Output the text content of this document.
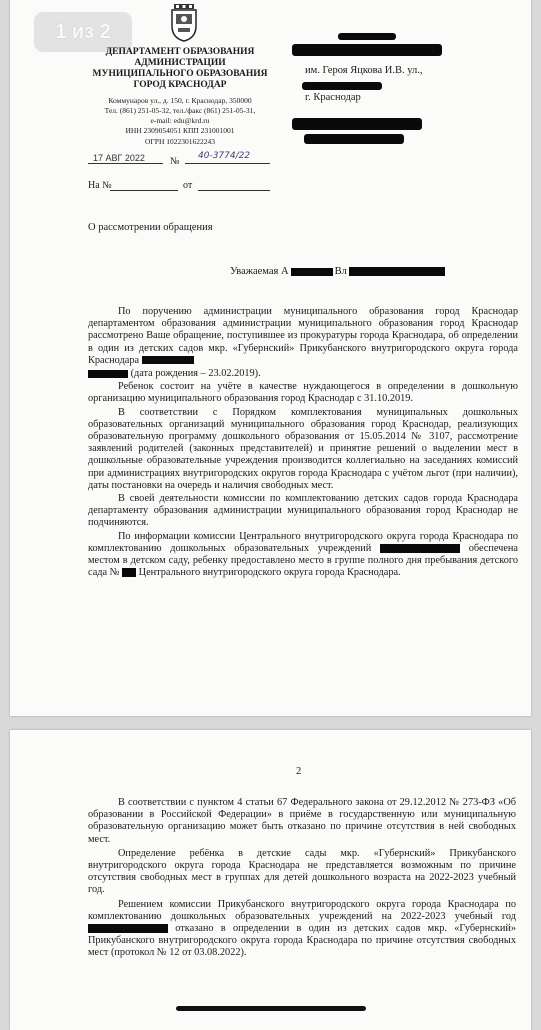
1 из 2
ДЕПАРТАМЕНТ ОБРАЗОВАНИЯ
АДМИНИСТРАЦИИ
МУНИЦИПАЛЬНОГО ОБРАЗОВАНИЯ
ГОРОД КРАСНОДАР
Коммунаров ул., д. 150, г. Краснодар, 350000
Тел. (861) 251-05-32, тел./факс (861) 251-05-31,
e-mail: edu@krd.ru
ИНН 2309054051 КПП 231001001
ОГРН 1022301622243
им. Героя Яцкова И.В. ул.,
г. Краснодар
17 АВГ 2022	№ 40-3774/22
На №	от
О рассмотрении обращения
Уважаемая А	Вл

По поручению администрации муниципального образования город Краснодар департаментом образования администрации муниципального образования город Краснодар рассмотрено Ваше обращение, поступившее из прокуратуры города Краснодара, об определении в один из детских садов мкр. «Губернский» Прикубанского внутригородского округа города Краснодара

(дата рождения – 23.02.2019).

Ребенок состоит на учёте в качестве нуждающегося в определении в дошкольную организацию муниципального образования город Краснодар с 31.10.2019.

В соответствии с Порядком комплектования муниципальных дошкольных образовательных организаций муниципального образования город Краснодар, реализующих образовательную программу дошкольного образования от 15.05.2014 № 3107, рассмотрение заявлений родителей (законных представителей) и принятие решений о выделении мест в дошкольные образовательные учреждения производится коллегиально на заседаниях комиссий при администрациях внутригородских округов города Краснодара с учётом льгот (при наличии), даты постановки на очередь и наличия свободных мест.

В своей деятельности комиссии по комплектованию детских садов города Краснодара департаменту образования администрации муниципального образования город Краснодар не подчиняются.

По информации комиссии Центрального внутригородского округа города Краснодара по комплектованию дошкольных образовательных учреждений	обеспечена местом в детском саду, ребенку предоставлено место в группе полного дня пребывания детского сада № Центрального внутригородского округа города Краснодара.

2

В соответствии с пунктом 4 статьи 67 Федерального закона от 29.12.2012 № 273-ФЗ «Об образовании в Российской Федерации» в приёме в государственную или муниципальную образовательную организацию может быть отказано по причине отсутствия в ней свободных мест.

Определение ребёнка в детские сады мкр. «Губернский» Прикубанского внутригородского округа города Краснодара не представляется возможным по причине отсутствия свободных мест в группах для детей дошкольного возраста на 2022-2023 учебный год.

Решением комиссии Прикубанского внутригородского округа города Краснодара по комплектованию дошкольных образовательных учреждений на 2022-2023 учебный год  отказано в определении в один из детских садов мкр. «Губернский» Прикубанского внутригородского округа города Краснодара по причине отсутствия свободных мест (протокол № 12 от 03.08.2022).
